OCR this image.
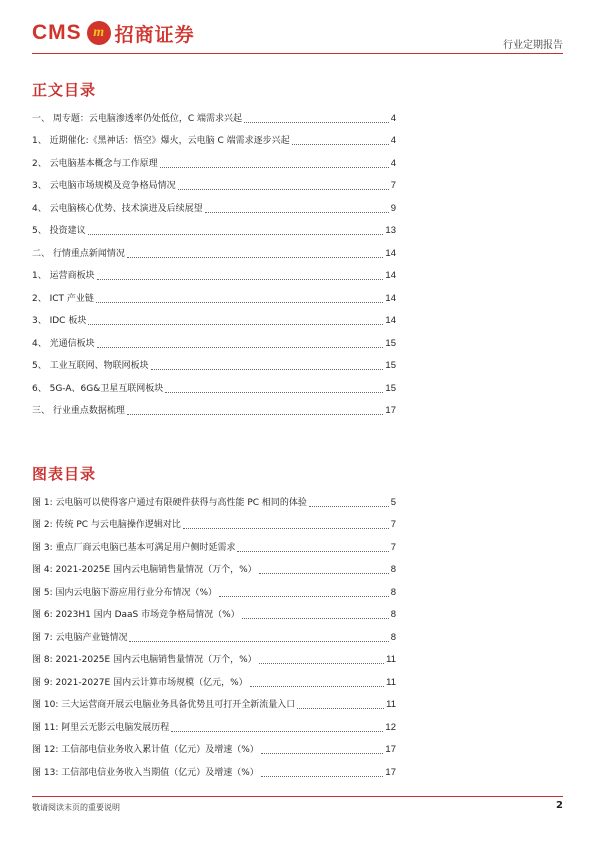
CMS m 招商证券	行业定期报告
正文目录
一、 周专题：云电脑渗透率仍处低位，C 端需求兴起	4
1、 近期催化:《黑神话：悟空》爆火，云电脑 C 端需求逐步兴起	4
2、 云电脑基本概念与工作原理	4
3、 云电脑市场规模及竞争格局情况	7
4、 云电脑核心优势、技术演进及后续展望	9
5、 投资建议	13
二、 行情重点新闻情况	14
1、 运营商板块	14
2、 ICT 产业链	14
3、 IDC 板块	14
4、 光通信板块	15
5、 工业互联网、物联网板块	15
6、 5G-A、6G&卫星互联网板块	15
三、 行业重点数据梳理	17
图表目录
图 1: 云电脑可以使得客户通过有限硬件获得与高性能 PC 相同的体验	5
图 2: 传统 PC 与云电脑操作逻辑对比	7
图 3: 重点厂商云电脑已基本可满足用户侧时延需求	7
图 4: 2021-2025E 国内云电脑销售量情况（万个，%）	8
图 5: 国内云电脑下游应用行业分布情况（%）	8
图 6: 2023H1 国内 DaaS 市场竞争格局情况（%）	8
图 7: 云电脑产业链情况	8
图 8: 2021-2025E 国内云电脑销售量情况（万个，%）	11
图 9: 2021-2027E 国内云计算市场规模（亿元，%）	11
图 10: 三大运营商开展云电脑业务具备优势且可打开全新流量入口	11
图 11: 阿里云无影云电脑发展历程	12
图 12: 工信部电信业务收入累计值（亿元）及增速（%）	17
图 13: 工信部电信业务收入当期值（亿元）及增速（%）	17
敬请阅读末页的重要说明	2
